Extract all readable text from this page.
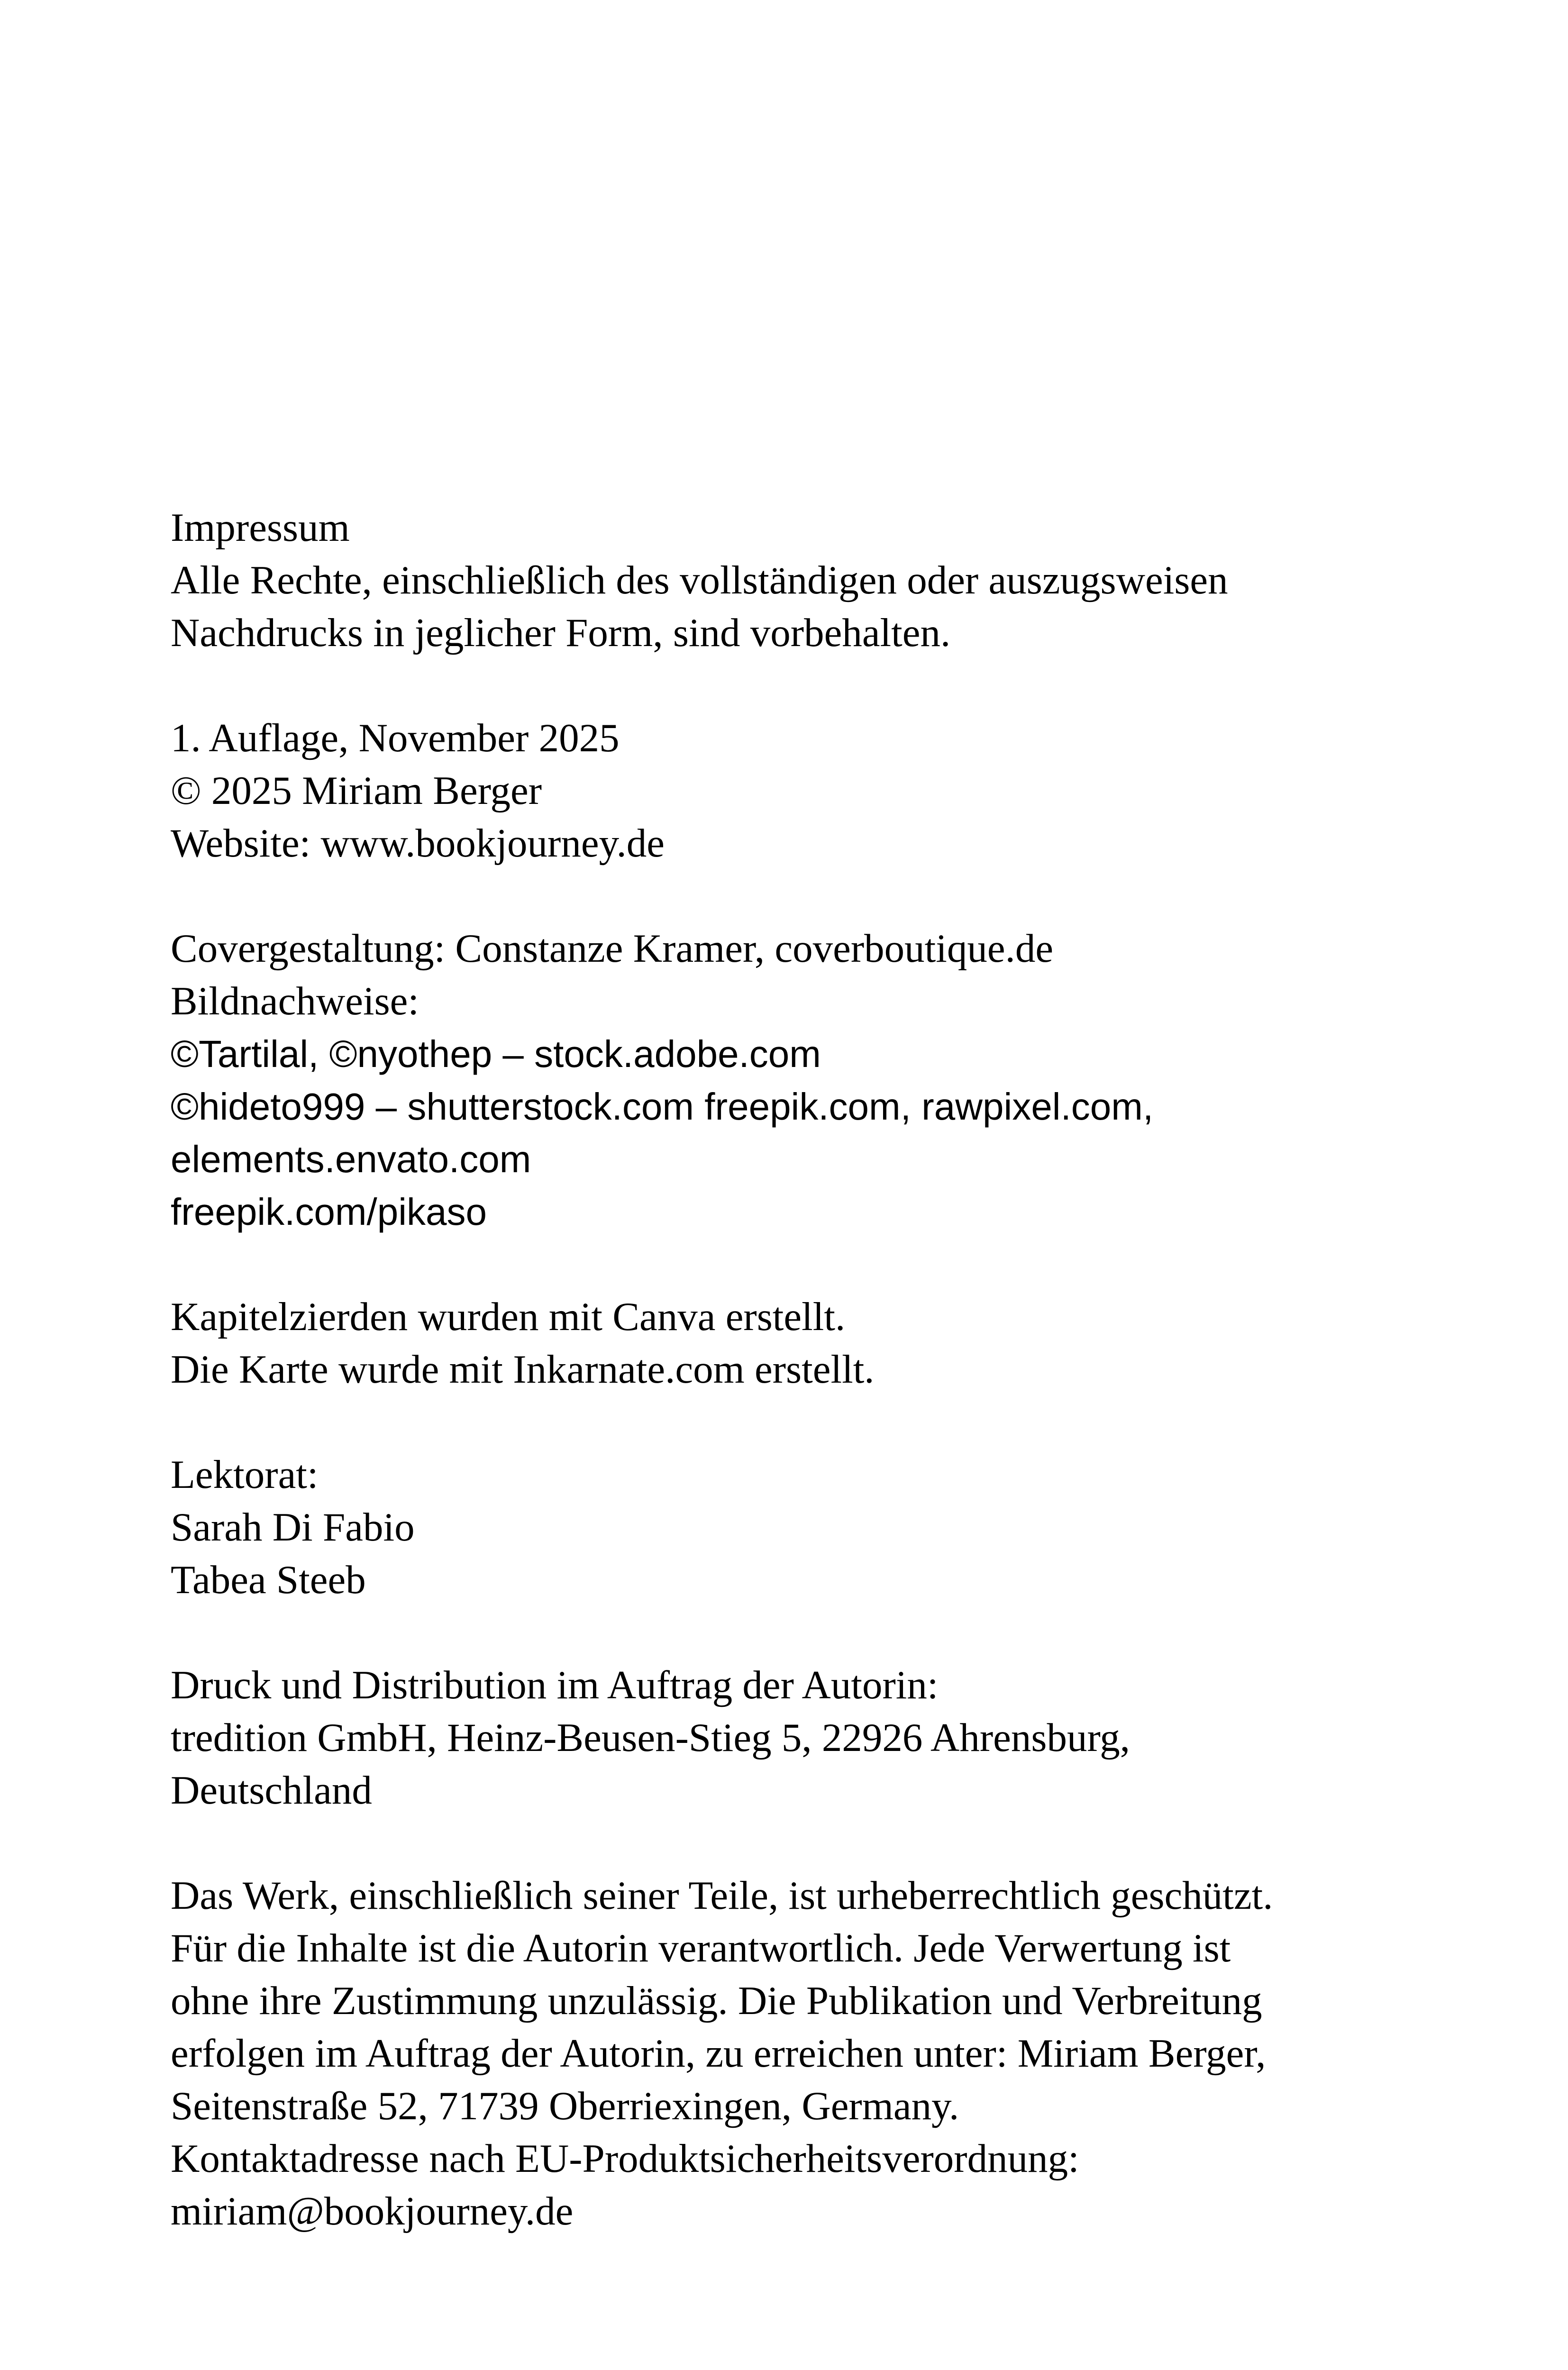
Impressum
Alle Rechte, einschließlich des vollständigen oder auszugsweisen
Nachdrucks in jeglicher Form, sind vorbehalten.
1. Auflage, November 2025
© 2025 Miriam Berger
Website: www.bookjourney.de
Covergestaltung: Constanze Kramer, coverboutique.de
Bildnachweise:
©Tartilal, ©nyothep – stock.adobe.com
©hideto999 – shutterstock.com freepik.com, rawpixel.com,
elements.envato.com
freepik.com/pikaso
Kapitelzierden wurden mit Canva erstellt.
Die Karte wurde mit Inkarnate.com erstellt.
Lektorat:
Sarah Di Fabio
Tabea Steeb
Druck und Distribution im Auftrag der Autorin:
tredition GmbH, Heinz-Beusen-Stieg 5, 22926 Ahrensburg,
Deutschland
Das Werk, einschließlich seiner Teile, ist urheberrechtlich geschützt.
Für die Inhalte ist die Autorin verantwortlich. Jede Verwertung ist
ohne ihre Zustimmung unzulässig. Die Publikation und Verbreitung
erfolgen im Auftrag der Autorin, zu erreichen unter: Miriam Berger,
Seitenstraße 52, 71739 Oberriexingen, Germany.
Kontaktadresse nach EU-Produktsicherheitsverordnung:
miriam@bookjourney.de
